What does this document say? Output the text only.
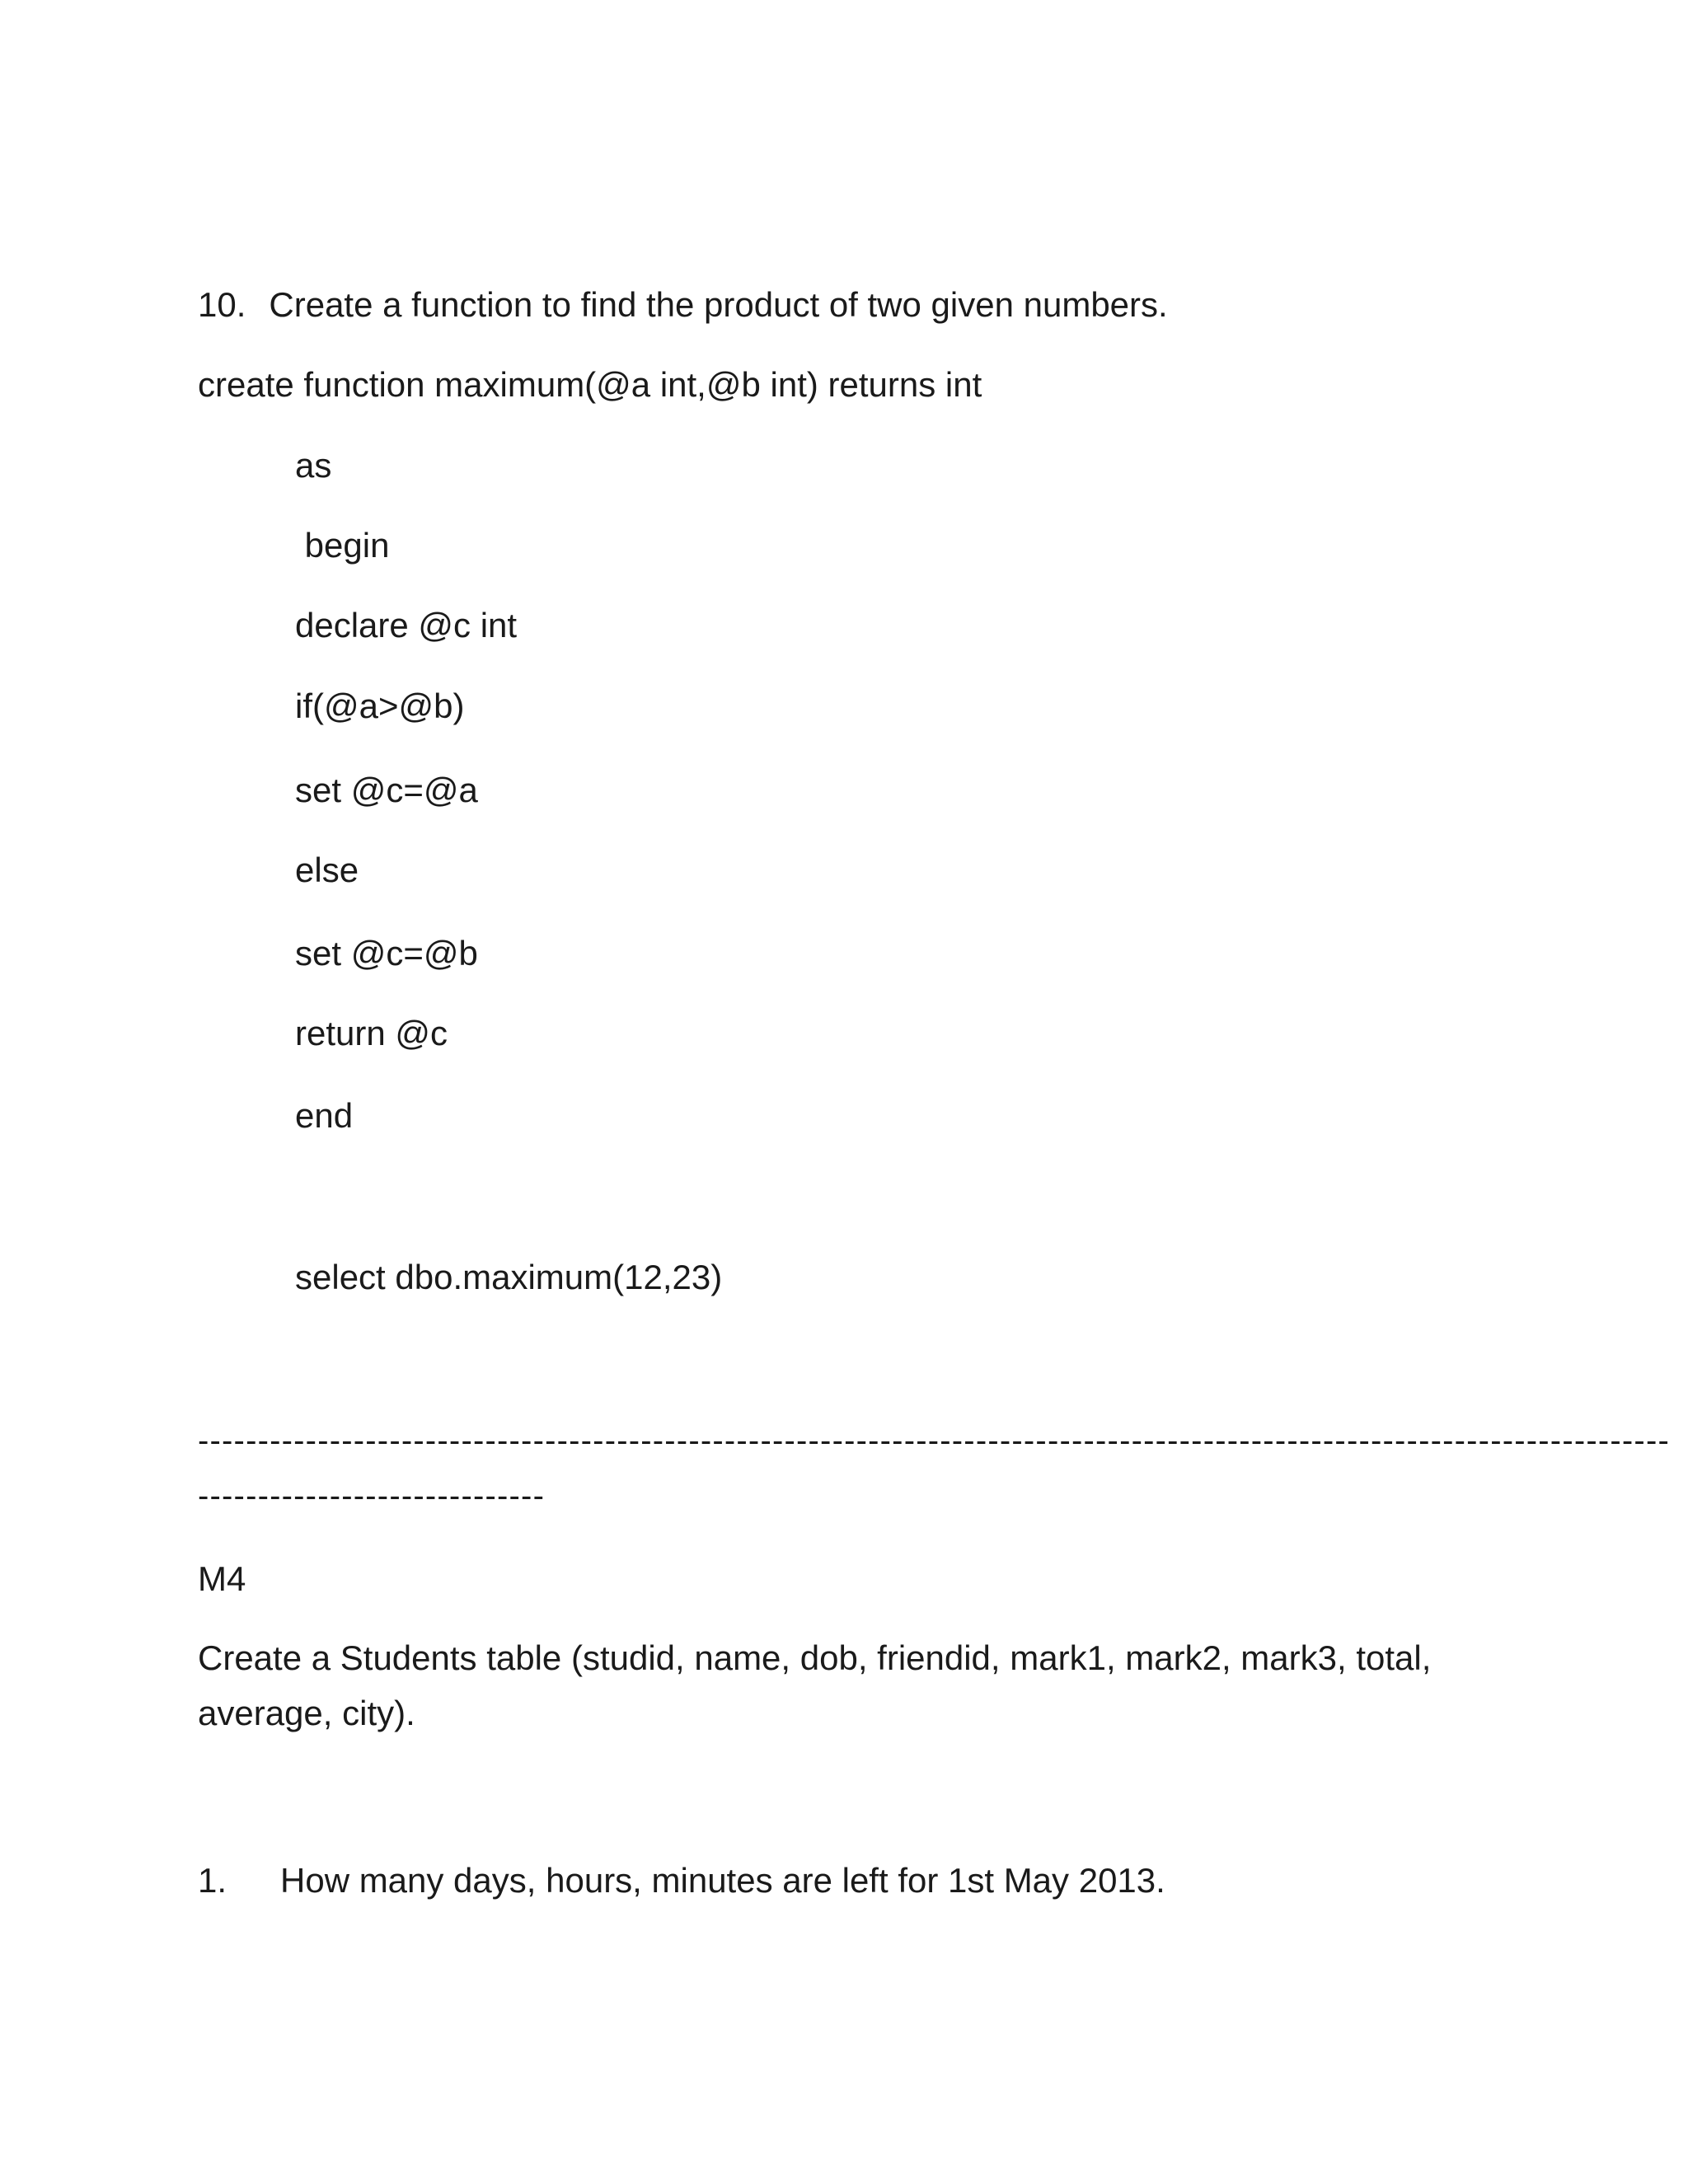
10. Create a function to find the product of two given numbers.

create function maximum(@a int,@b int) returns int

as

begin

declare @c int

if(@a>@b)

set @c=@a

else

set @c=@b

return @c

end

select dbo.maximum(12,23)

---------------------------------------------------------------------------------------------------------------------------
-----------------------------

M4

Create a Students table (studid, name, dob, friendid, mark1, mark2, mark3, total, average, city).

1. How many days, hours, minutes are left for 1st May 2013.
